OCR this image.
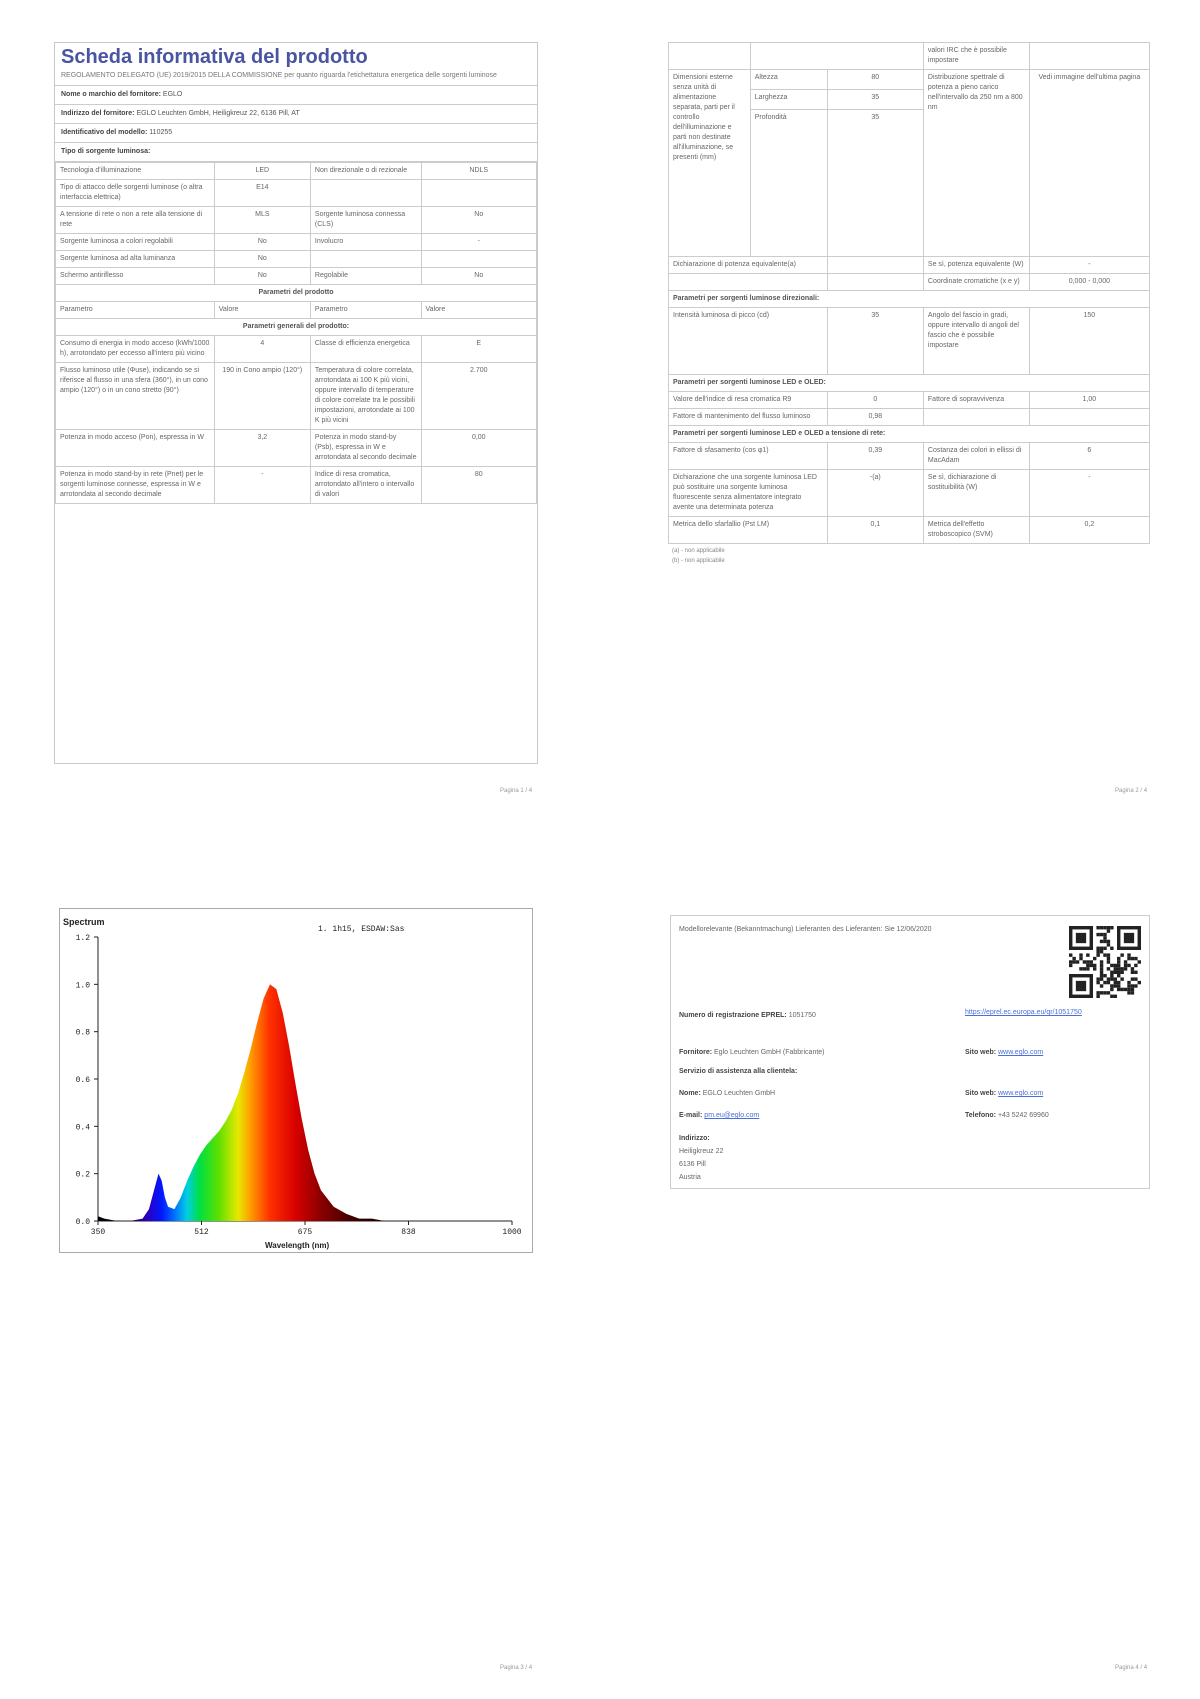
Scheda informativa del prodotto
REGOLAMENTO DELEGATO (UE) 2019/2015 DELLA COMMISSIONE per quanto riguarda l'etichettatura energetica delle sorgenti luminose
Nome o marchio del fornitore: EGLO
Indirizzo del fornitore: EGLO Leuchten GmbH, Heiligkreuz 22, 6136 Pill, AT
Identificativo del modello: 110255
Tipo di sorgente luminosa:
Tecnologia d'illuminazione	LED	Non direzionale o di rezionale	NDLS
Tipo di attacco delle sorgenti luminose (o altra interfaccia elettrica)	E14		
A tensione di rete o non a rete alla tensione di rete	MLS	Sorgente luminosa connessa (CLS)	No
Sorgente luminosa a colori regolabili	No	Involucro	-
Sorgente luminosa ad alta luminanza	No		
Schermo antiriflesso	No	Regolabile	No
Parametri del prodotto			
Parametro	Valore	Parametro	Valore
Parametri generali del prodotto:			
Consumo di energia in modo acceso (kWh/1000 h), arrotondato per eccesso all'intero più vicino	4	Classe di efficienza energetica	E
Flusso luminoso utile (Φuse), indicando se si riferisce al flusso in una sfera (360°), in un cono ampio (120°) o in un cono stretto (90°)	190 in Cono ampio (120°)	Temperatura di colore correlata, arrotondata ai 100 K più vicini, oppure intervallo di temperature di colore correlate tra le possibili impostazioni, arrotondate ai 100 K più vicini	2.700
Potenza in modo acceso (Pon), espressa in W	3,2	Potenza in modo stand-by (Psb), espressa in W e arrotondata al secondo decimale	0,00
Potenza in modo stand-by in rete (Pnet) per le sorgenti luminose connesse, espressa in W e arrotondata al secondo decimale	-	Indice di resa cromatica, arrotondato all'intero o intervallo di valori	80
Pagina 1 / 4
			valori IRC che è possibile impostare	
Dimensioni esterne senza unità di alimentazione separata, parti per il controllo dell'illuminazione e parti non destinate all'illuminazione, se presenti (mm)	Altezza	80	Distribuzione spettrale di potenza a pieno carico nell'intervallo da 250 nm a 800 nm	Vedi immagine dell'ultima pagina
	Larghezza	35		
	Profondità	35		
Dichiarazione di potenza equivalente(a)			Se sì, potenza equivalente (W)	-
			Coordinate cromatiche (x e y)	0,000 - 0,000
Parametri per sorgenti luminose direzionali:				
Intensità luminosa di picco (cd)		35	Angolo del fascio in gradi, oppure intervallo di angoli del fascio che è possibile impostare	150
Parametri per sorgenti luminose LED e OLED:				
Valore dell'indice di resa cromatica R9		0	Fattore di sopravvivenza	1,00
Fattore di mantenimento del flusso luminoso		0,98		
Parametri per sorgenti luminose LED e OLED a tensione di rete:				
Fattore di sfasamento (cos φ1)		0,39	Costanza dei colori in ellissi di MacAdam	6
Dichiarazione che una sorgente luminosa LED può sostituire una sorgente luminosa fluorescente senza alimentatore integrato avente una determinata potenza		-(a)	Se sì, dichiarazione di sostituibilità (W)	-
Metrica dello sfarfallio (Pst LM)		0,1	Metrica dell'effetto stroboscopico (SVM)	0,2
(a) - non applicabile
(b) - non applicabile
Pagina 2 / 4
Spectrum
1. 1h15, ESDAW:Sas
Wavelength (nm)
0.0
0.2
0.4
0.6
0.8
1.0
1.2
350	512	675	838	1000
Pagina 3 / 4
Modellorelevante (Bekanntmachung) Lieferanten des Lieferanten: Sie 12/06/2020
Numero di registrazione EPREL: 1051750	https://eprel.ec.europa.eu/qr/1051750
Fornitore: Eglo Leuchten GmbH (Fabbricante)	Sito web: www.eglo.com
Servizio di assistenza alla clientela:
Nome: EGLO Leuchten GmbH	Sito web: www.eglo.com
E-mail: pm.eu@eglo.com	Telefono: +43 5242 69960
Indirizzo:
Heiligkreuz 22
6136 Pill
Austria
Pagina 4 / 4
